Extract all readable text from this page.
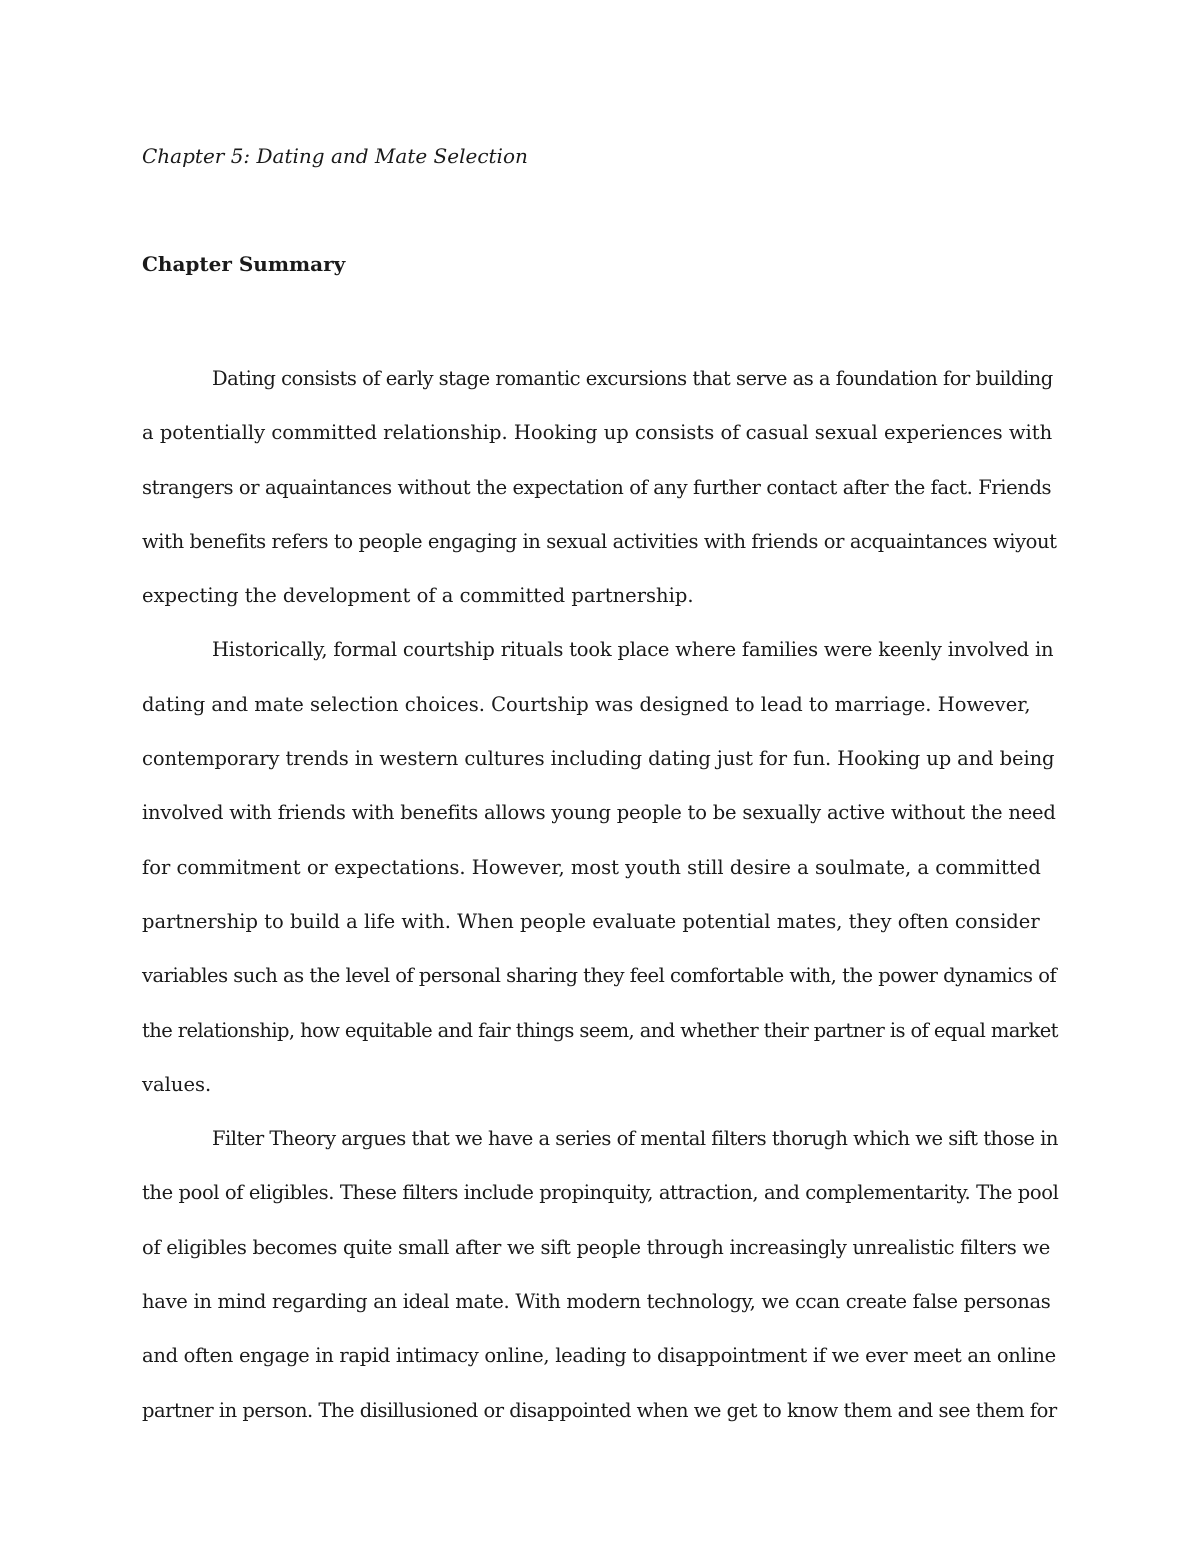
Chapter 5: Dating and Mate Selection
Chapter Summary

Dating consists of early stage romantic excursions that serve as a foundation for building
a potentially committed relationship. Hooking up consists of casual sexual experiences with
strangers or aquaintances without the expectation of any further contact after the fact. Friends
with benefits refers to people engaging in sexual activities with friends or acquaintances wiyout
expecting the development of a committed partnership.

Historically, formal courtship rituals took place where families were keenly involved in
dating and mate selection choices. Courtship was designed to lead to marriage. However,
contemporary trends in western cultures including dating just for fun. Hooking up and being
involved with friends with benefits allows young people to be sexually active without the need
for commitment or expectations. However, most youth still desire a soulmate, a committed
partnership to build a life with. When people evaluate potential mates, they often consider
variables such as the level of personal sharing they feel comfortable with, the power dynamics of
the relationship, how equitable and fair things seem, and whether their partner is of equal market
values.

Filter Theory argues that we have a series of mental filters thorugh which we sift those in
the pool of eligibles. These filters include propinquity, attraction, and complementarity. The pool
of eligibles becomes quite small after we sift people through increasingly unrealistic filters we
have in mind regarding an ideal mate. With modern technology, we ccan create false personas
and often engage in rapid intimacy online, leading to disappointment if we ever meet an online
partner in person. The disillusioned or disappointed when we get to know them and see them for
